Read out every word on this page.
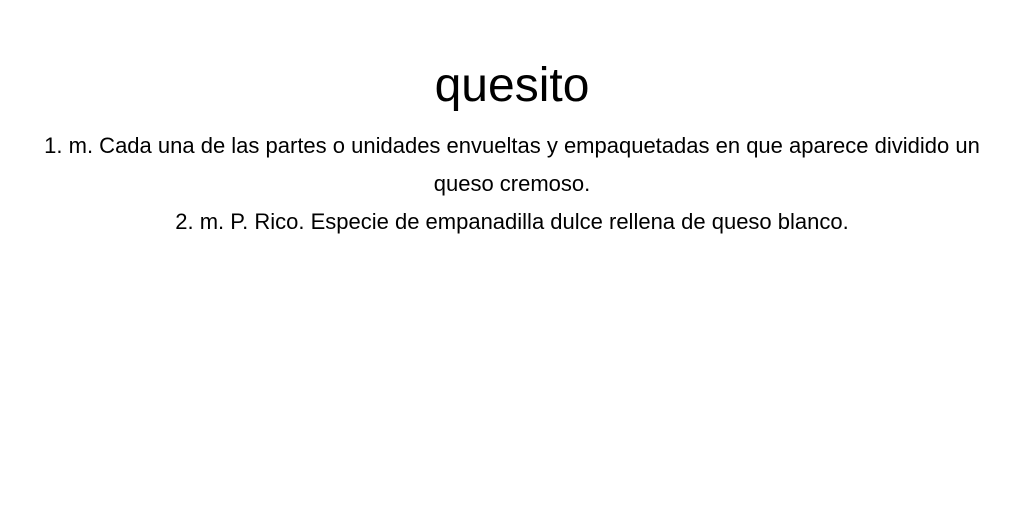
quesito
1. m. Cada una de las partes o unidades envueltas y empaquetadas en que aparece dividido un queso cremoso.
2. m. P. Rico. Especie de empanadilla dulce rellena de queso blanco.
